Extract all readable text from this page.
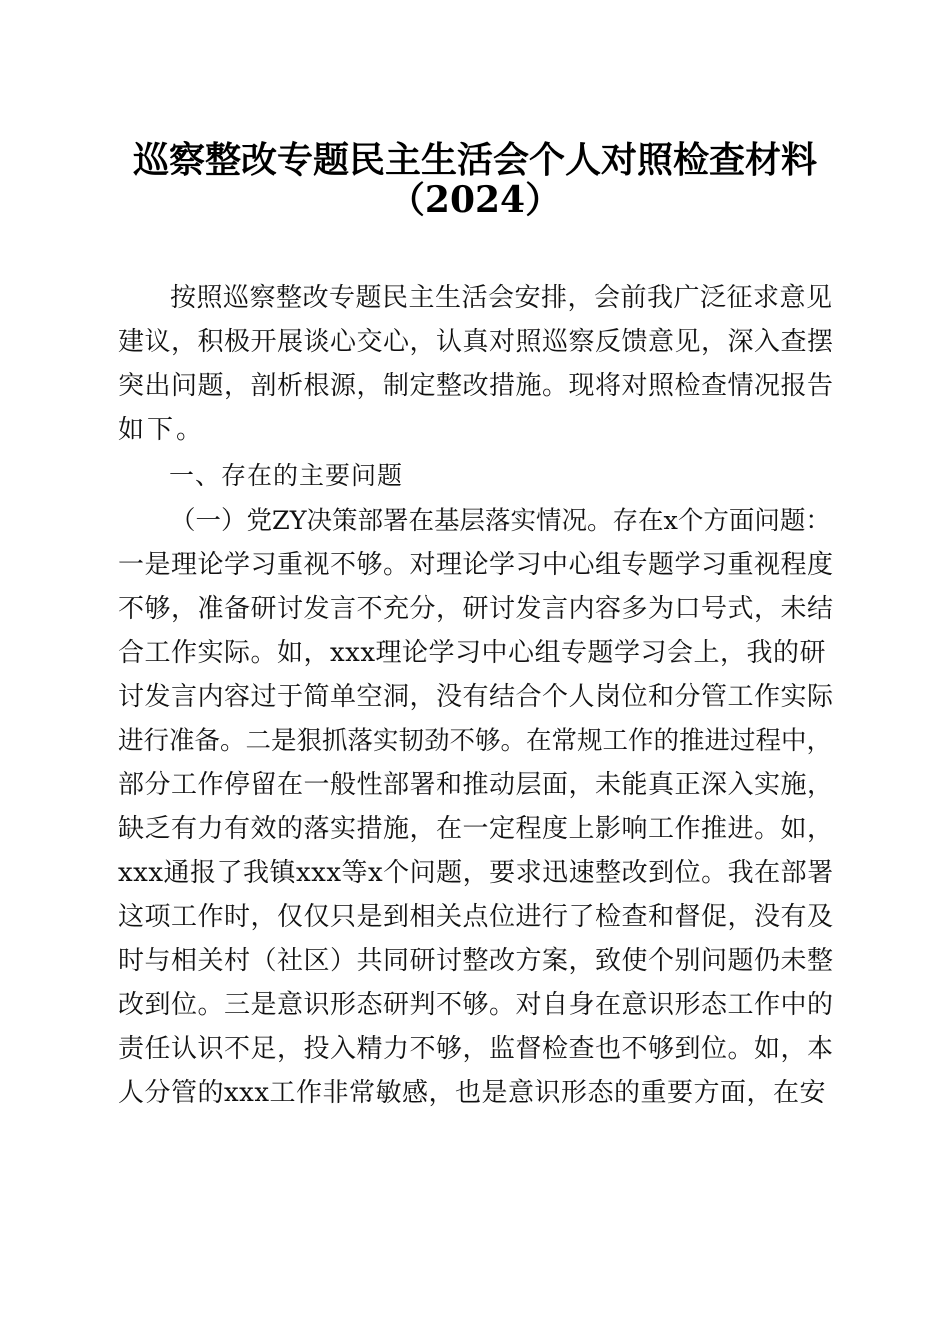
巡察整改专题民主生活会个人对照检查材料
（2024）
按照巡察整改专题民主生活会安排，会前我广泛征求意见
建议，积极开展谈心交心，认真对照巡察反馈意见，深入查摆
突出问题，剖析根源，制定整改措施。现将对照检查情况报告
如下。
一、存在的主要问题
（一）党ZY决策部署在基层落实情况。存在x个方面问题：
一是理论学习重视不够。对理论学习中心组专题学习重视程度
不够，准备研讨发言不充分，研讨发言内容多为口号式，未结
合工作实际。如，xxx理论学习中心组专题学习会上，我的研
讨发言内容过于简单空洞，没有结合个人岗位和分管工作实际
进行准备。二是狠抓落实韧劲不够。在常规工作的推进过程中，
部分工作停留在一般性部署和推动层面，未能真正深入实施，
缺乏有力有效的落实措施，在一定程度上影响工作推进。如，
xxx通报了我镇xxx等x个问题，要求迅速整改到位。我在部署
这项工作时，仅仅只是到相关点位进行了检查和督促，没有及
时与相关村（社区）共同研讨整改方案，致使个别问题仍未整
改到位。三是意识形态研判不够。对自身在意识形态工作中的
责任认识不足，投入精力不够，监督检查也不够到位。如，本
人分管的xxx工作非常敏感，也是意识形态的重要方面，在安
